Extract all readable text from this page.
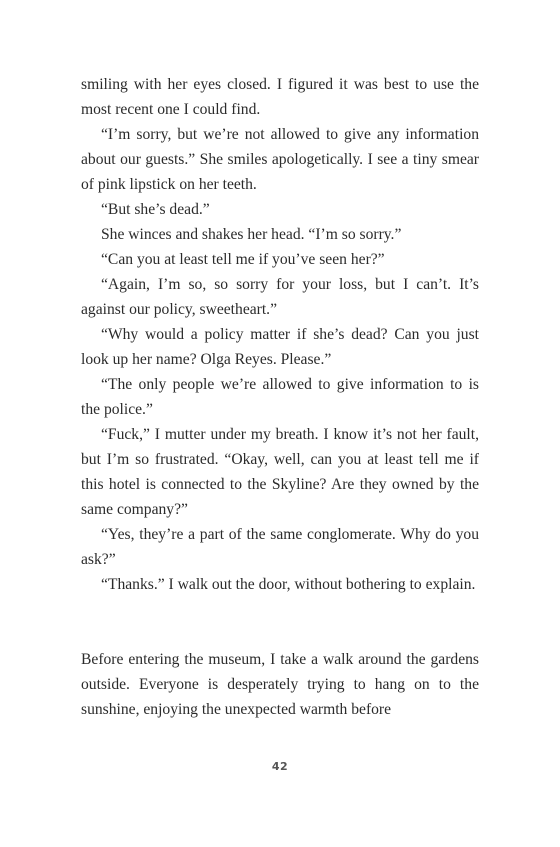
smiling with her eyes closed. I figured it was best to use the most recent one I could find.

“I’m sorry, but we’re not allowed to give any information about our guests.” She smiles apologetically. I see a tiny smear of pink lipstick on her teeth.

“But she’s dead.”

She winces and shakes her head. “I’m so sorry.”

“Can you at least tell me if you’ve seen her?”

“Again, I’m so, so sorry for your loss, but I can’t. It’s against our policy, sweetheart.”

“Why would a policy matter if she’s dead? Can you just look up her name? Olga Reyes. Please.”

“The only people we’re allowed to give information to is the police.”

“Fuck,” I mutter under my breath. I know it’s not her fault, but I’m so frustrated. “Okay, well, can you at least tell me if this hotel is connected to the Skyline? Are they owned by the same company?”

“Yes, they’re a part of the same conglomerate. Why do you ask?”

“Thanks.” I walk out the door, without bothering to explain.

Before entering the museum, I take a walk around the gardens outside. Everyone is desperately trying to hang on to the sunshine, enjoying the unexpected warmth before

42
